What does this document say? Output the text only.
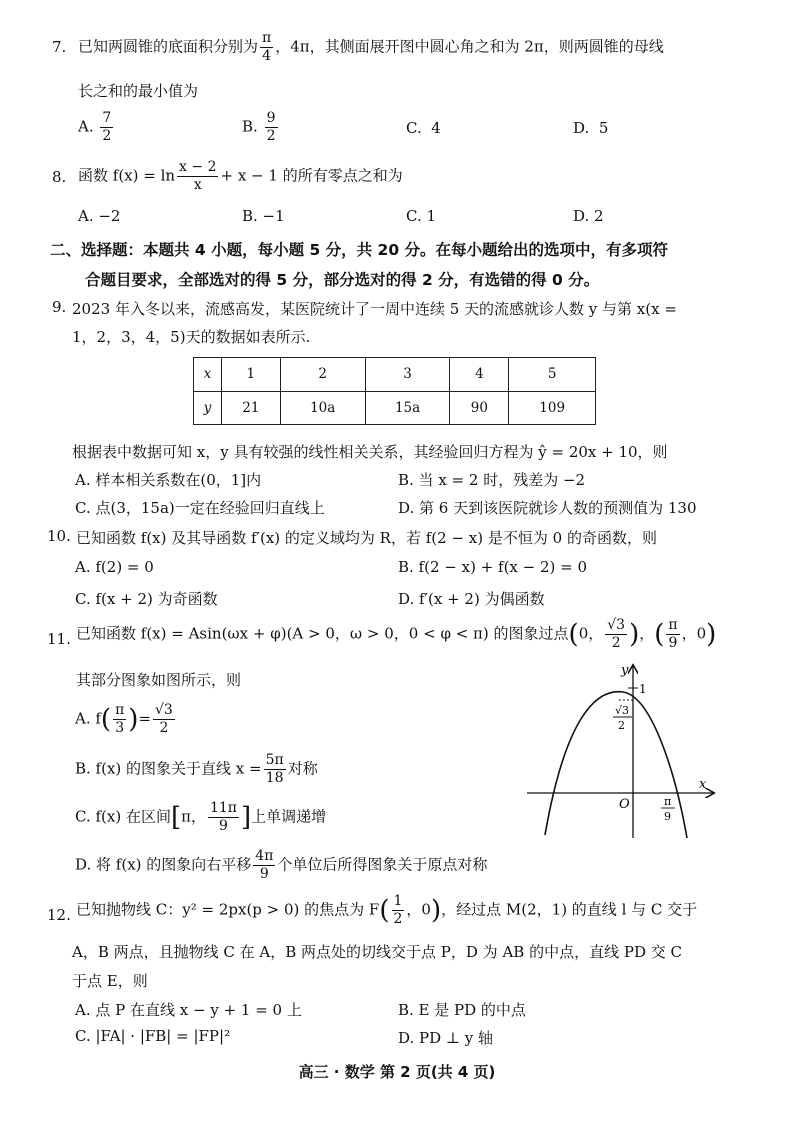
7. 已知两圆锥的底面积分别为 $\frac{\pi}{4}$ ，4π，其侧面展开图中圆心角之和为 2π，则两圆锥的母线
长之和的最小值为
A. $\frac{7}{2}$	B. $\frac{9}{2}$	C. 4	D. 5
8. 函数 $f(x) = \ln \frac{x - 2}{x} + x - 1$ 的所有零点之和为
A. −2	B. −1	C. 1	D. 2
二、选择题：本题共 4 小题，每小题 5 分，共 20 分。在每小题给出的选项中，有多项符
合题目要求，全部选对的得 5 分，部分选对的得 2 分，有选错的得 0 分。
9. 2023 年入冬以来，流感高发，某医院统计了一周中连续 5 天的流感就诊人数 y 与第 x(x =
1，2，3，4，5)天的数据如表所示.
x	1	2	3	4	5
y	21	10a	15a	90	109
根据表中数据可知 x，y 具有较强的线性相关关系，其经验回归方程为 ŷ = 20x + 10，则
A. 样本相关系数在(0，1]内	B. 当 x = 2 时，残差为 −2
C. 点(3，15a)一定在经验回归直线上	D. 第 6 天到该医院就诊人数的预测值为 130
10. 已知函数 f(x) 及其导函数 f′(x) 的定义域均为 R，若 f(2 − x) 是不恒为 0 的奇函数，则
A. f(2) = 0	B. f(2 − x) + f(x − 2) = 0
C. f(x + 2) 为奇函数	D. f′(x + 2) 为偶函数
11. 已知函数 f(x) = Asin(ωx + φ)(A > 0，ω > 0，0 < φ < π) 的图象过点(0， $\frac{√3}{2}$ )，( $\frac{\pi}{9}$ ，0)
其部分图象如图所示，则
A. $f( \frac{\pi}{3}$ )= $\frac{√3}{2}$
B. f(x) 的图象关于直线 $x = \frac{5\pi}{18}$ 对称
C. f(x) 在区间[π， $\frac{11\pi}{9}$ ]上单调递增
D. 将 f(x) 的图象向右平移 $\frac{4\pi}{9}$ 个单位后所得图象关于原点对称
y
x
O
1
√3
2
π
9
12. 已知抛物线 C：y² = 2px(p > 0) 的焦点为 $F( \frac{1}{2}$ ，0)，经过点 M(2，1) 的直线 l 与 C 交于
A，B 两点，且抛物线 C 在 A，B 两点处的切线交于点 P，D 为 AB 的中点，直线 PD 交 C
于点 E，则
A. 点 P 在直线 x − y + 1 = 0 上	B. E 是 PD 的中点
C. |FA| · |FB| = |FP|²	D. PD ⊥ y 轴
高三 · 数学 第 2 页(共 4 页)
